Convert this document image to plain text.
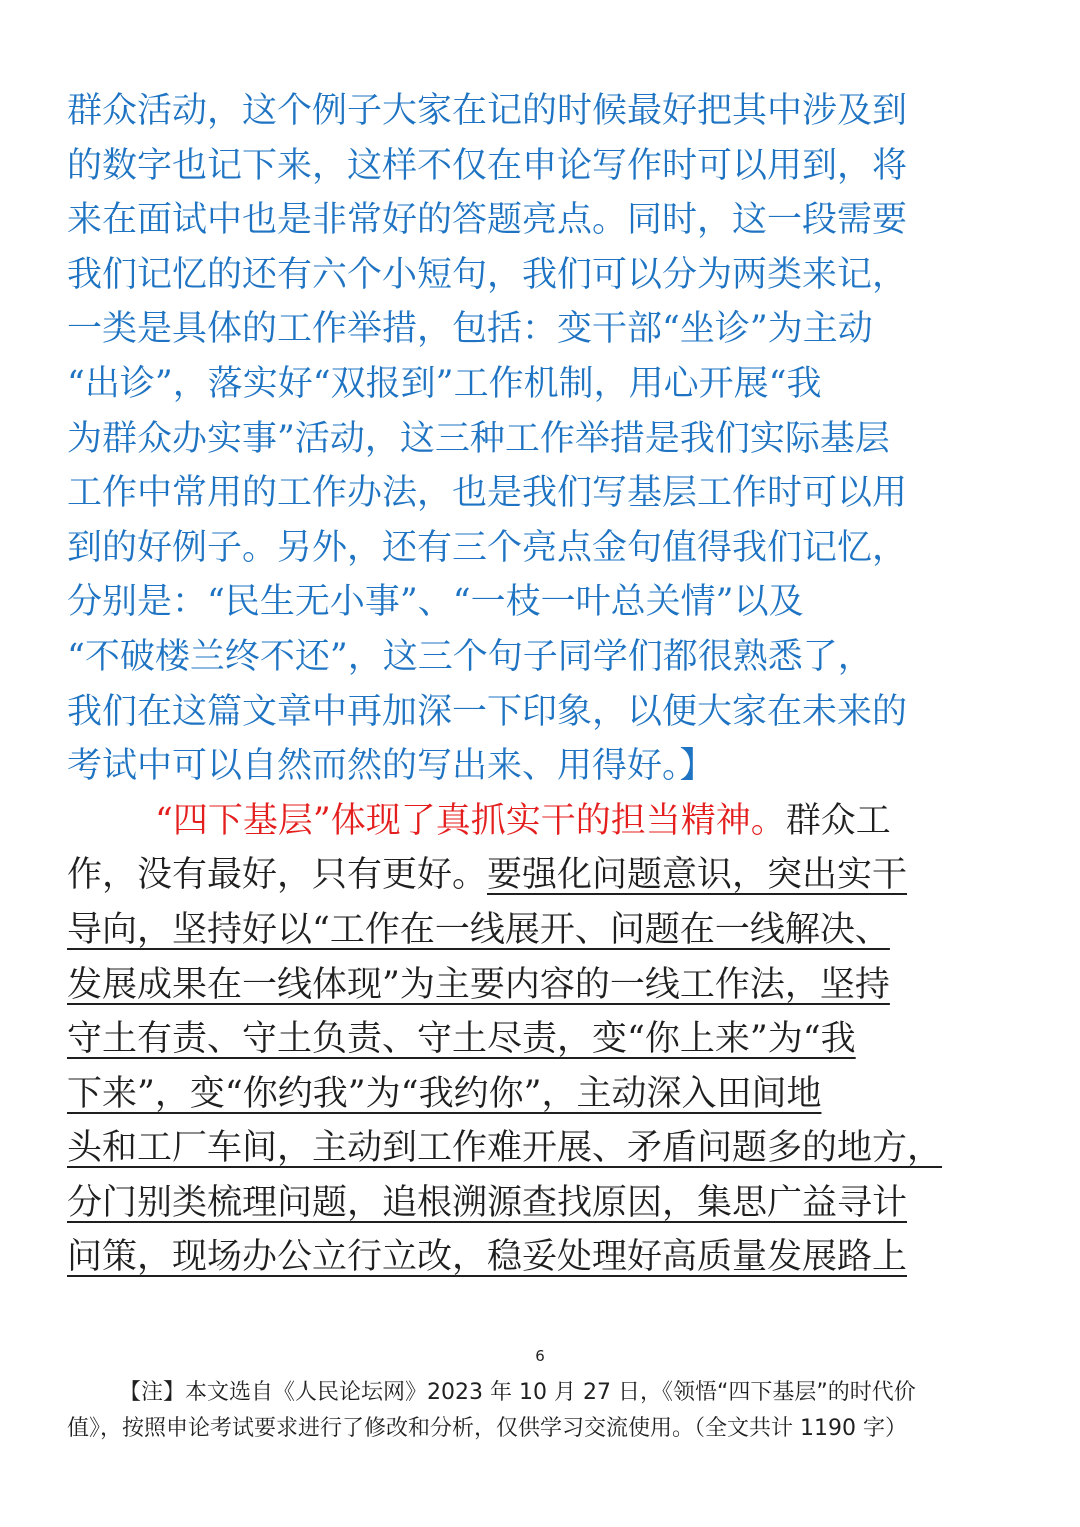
群众活动，这个例子大家在记的时候最好把其中涉及到
的数字也记下来，这样不仅在申论写作时可以用到，将
来在面试中也是非常好的答题亮点。同时，这一段需要
我们记忆的还有六个小短句，我们可以分为两类来记，
一类是具体的工作举措，包括：变干部“坐诊”为主动
“出诊”，落实好“双报到”工作机制，用心开展“我
为群众办实事”活动，这三种工作举措是我们实际基层
工作中常用的工作办法，也是我们写基层工作时可以用
到的好例子。另外，还有三个亮点金句值得我们记忆，
分别是：“民生无小事”、“一枝一叶总关情”以及
“不破楼兰终不还”，这三个句子同学们都很熟悉了，
我们在这篇文章中再加深一下印象，以便大家在未来的
考试中可以自然而然的写出来、用得好。】
“四下基层”体现了真抓实干的担当精神。群众工
作，没有最好，只有更好。要强化问题意识，突出实干
导向，坚持好以“工作在一线展开、问题在一线解决、
发展成果在一线体现”为主要内容的一线工作法，坚持
守土有责、守土负责、守土尽责，变“你上来”为“我
下来”，变“你约我”为“我约你”，主动深入田间地
头和工厂车间，主动到工作难开展、矛盾问题多的地方，
分门别类梳理问题，追根溯源查找原因，集思广益寻计
问策，现场办公立行立改，稳妥处理好高质量发展路上
6
【注】本文选自《人民论坛网》2023 年 10 月 27 日，《领悟“四下基层”的时代价
值》，按照申论考试要求进行了修改和分析，仅供学习交流使用。（全文共计 1190 字）
